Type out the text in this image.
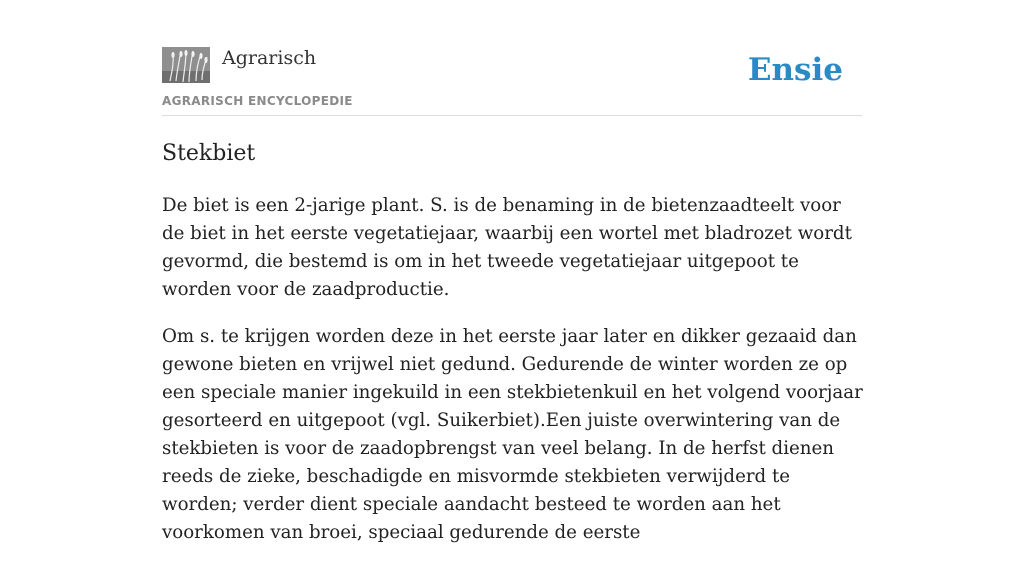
Agrarisch
AGRARISCH ENCYCLOPEDIE
Ensie
Stekbiet

De biet is een 2-jarige plant. S. is de benaming in de bietenzaadteelt voor de biet in het eerste vegetatiejaar, waarbij een wortel met bladrozet wordt gevormd, die bestemd is om in het tweede vegetatiejaar uitgepoot te worden voor de zaadproductie.

Om s. te krijgen worden deze in het eerste jaar later en dikker gezaaid dan gewone bieten en vrijwel niet gedund. Gedurende de winter worden ze op een speciale manier ingekuild in een stekbietenkuil en het volgend voorjaar gesorteerd en uitgepoot (vgl. Suikerbiet).Een juiste overwintering van de stekbieten is voor de zaadopbrengst van veel belang. In de herfst dienen reeds de zieke, beschadigde en misvormde stekbieten verwijderd te worden; verder dient speciale aandacht besteed te worden aan het voorkomen van broei, speciaal gedurende de eerste
